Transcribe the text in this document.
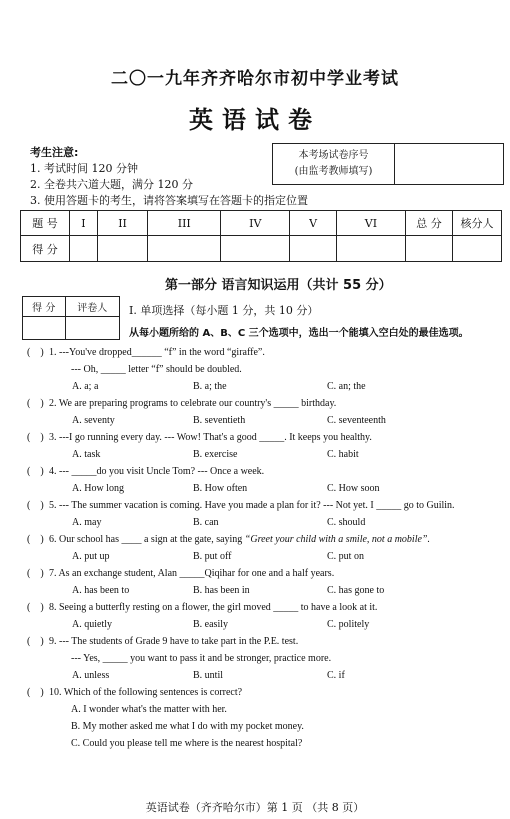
二〇一九年齐齐哈尔市初中学业考试
英语试卷
考生注意:
1. 考试时间 120 分钟
2. 全卷共六道大题，满分 120 分
3. 使用答题卡的考生，请将答案填写在答题卡的指定位置
本考场试卷序号
(由监考教师填写)
题 号	I	II	III	IV	V	VI	总 分	核分人
得 分								
第一部分 语言知识运用（共计 55 分）
得 分	评卷人
	I. 单项选择（每小题 1 分，共 10 分）
从每小题所给的 A、B、C 三个选项中，选出一个能填入空白处的最佳选项。
(    ) 1. ---You've dropped______ “f” in the word “giraffe”.
--- Oh, _____ letter “f” should be doubled.
A. a; a	B. a; the	C. an; the
(    ) 2. We are preparing programs to celebrate our country's _____ birthday.
A. seventy	B. seventieth	C. seventeenth
(    ) 3. ---I go running every day. --- Wow! That's a good _____. It keeps you healthy.
A. task	B. exercise	C. habit
(    ) 4. --- _____do you visit Uncle Tom? --- Once a week.
A. How long	B. How often	C. How soon
(    ) 5. --- The summer vacation is coming. Have you made a plan for it? --- Not yet. I _____ go to Guilin.
A. may	B. can	C. should
(    ) 6. Our school has ____ a sign at the gate, saying “Greet your child with a smile, not a mobile”.
A. put up	B. put off	C. put on
(    ) 7. As an exchange student, Alan _____Qiqihar for one and a half years.
A. has been to	B. has been in	C. has gone to
(    ) 8. Seeing a butterfly resting on a flower, the girl moved _____ to have a look at it.
A. quietly	B. easily	C. politely
(    ) 9. --- The students of Grade 9 have to take part in the P.E. test.
--- Yes, _____ you want to pass it and be stronger, practice more.
A. unless	B. until	C. if
(    ) 10. Which of the following sentences is correct?
A. I wonder what's the matter with her.
B. My mother asked me what I do with my pocket money.
C. Could you please tell me where is the nearest hospital?
英语试卷（齐齐哈尔市）第 1 页 （共 8 页）
